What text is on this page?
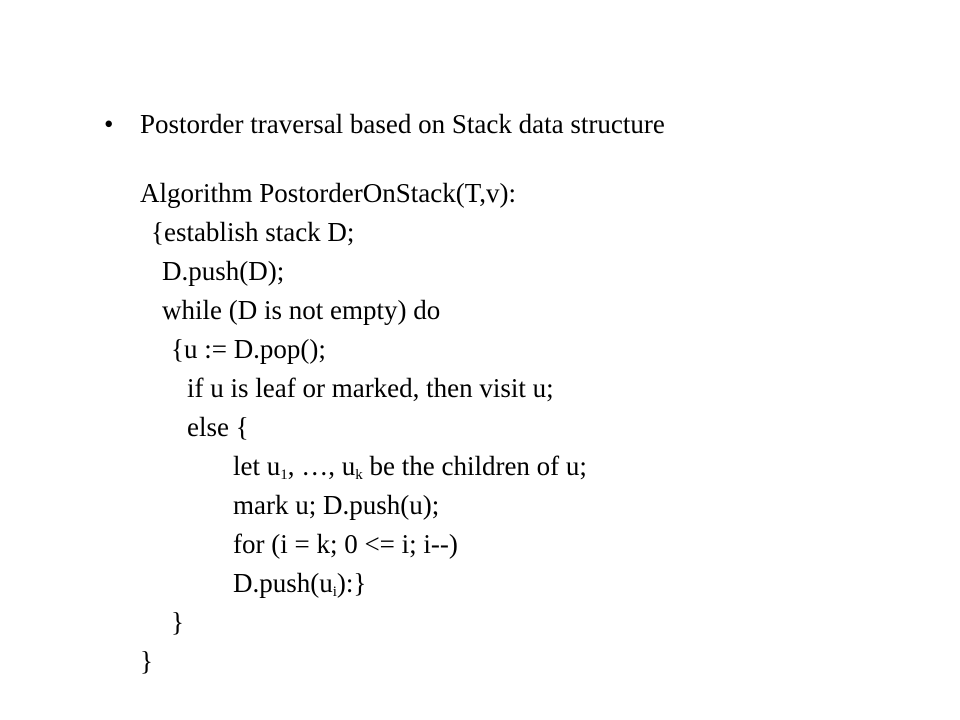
• Postorder traversal based on Stack data structure
Algorithm PostorderOnStack(T,v):
{establish stack D;
D.push(D);
while (D is not empty) do
{u := D.pop();
if u is leaf or marked, then visit u;
else {
let $u_1$, …, $u_k$ be the children of u;
mark u; D.push(u);
for (i = k; 0 <= i; i--)
$D.push(u_i)$:}
}
}
